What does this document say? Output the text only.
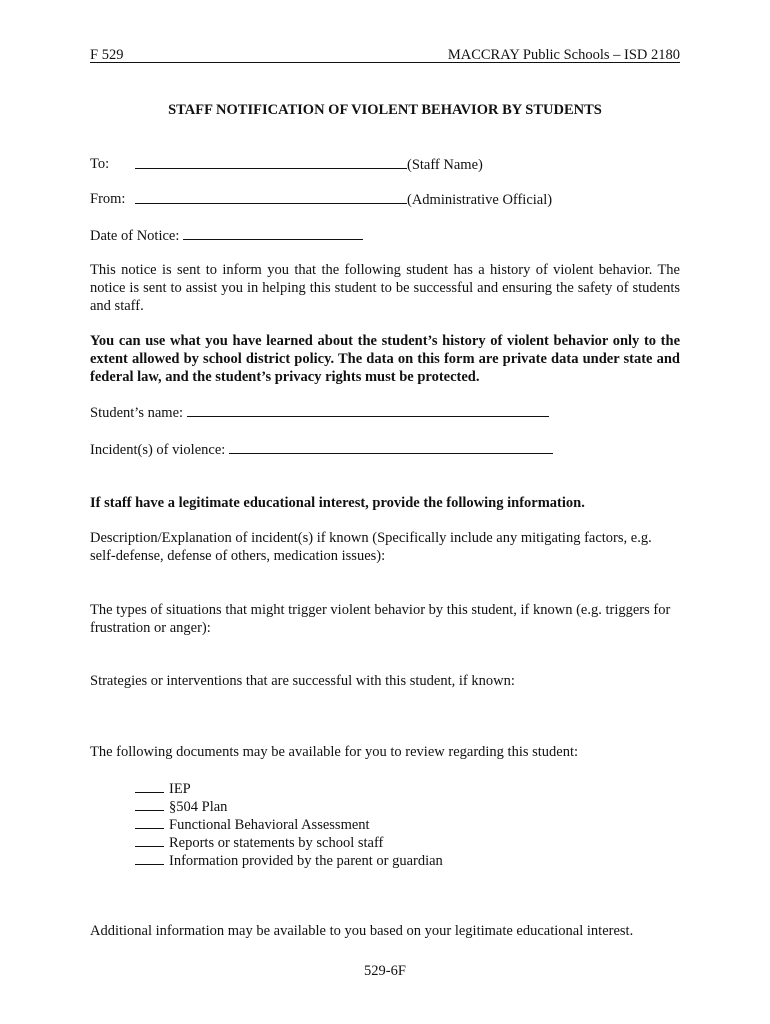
F 529	MACCRAY Public Schools – ISD 2180
STAFF NOTIFICATION OF VIOLENT BEHAVIOR BY STUDENTS
To:	(Staff Name)
From:	(Administrative Official)
Date of Notice:
This notice is sent to inform you that the following student has a history of violent behavior. The notice is sent to assist you in helping this student to be successful and ensuring the safety of students and staff.
You can use what you have learned about the student’s history of violent behavior only to the extent allowed by school district policy. The data on this form are private data under state and federal law, and the student’s privacy rights must be protected.
Student’s name:
Incident(s) of violence:
If staff have a legitimate educational interest, provide the following information.
Description/Explanation of incident(s) if known (Specifically include any mitigating factors, e.g. self-defense, defense of others, medication issues):
The types of situations that might trigger violent behavior by this student, if known (e.g. triggers for frustration or anger):
Strategies or interventions that are successful with this student, if known:
The following documents may be available for you to review regarding this student:
IEP
§504 Plan
Functional Behavioral Assessment
Reports or statements by school staff
Information provided by the parent or guardian
Additional information may be available to you based on your legitimate educational interest.
529-6F
